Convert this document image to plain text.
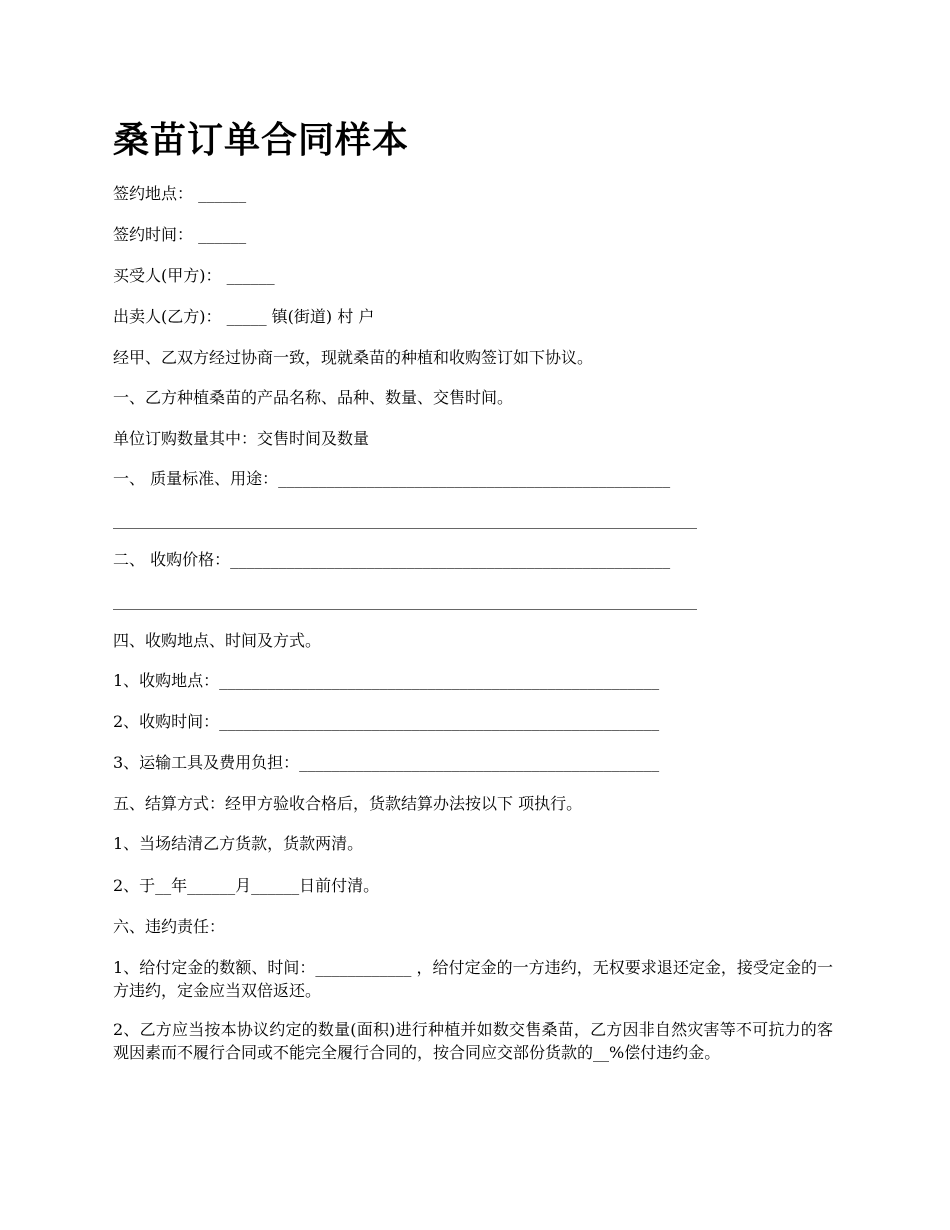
桑苗订单合同样本
签约地点： ______
签约时间： ______
买受人(甲方)： ______
出卖人(乙方)： _____ 镇(街道) 村 户
经甲、乙双方经过协商一致，现就桑苗的种植和收购签订如下协议。
一、乙方种植桑苗的产品名称、品种、数量、交售时间。
单位订购数量其中：交售时间及数量
一、 质量标准、用途：_________________________________________________
_________________________________________________________________________
二、 收购价格：_______________________________________________________
_________________________________________________________________________
四、收购地点、时间及方式。
1、收购地点：_______________________________________________________
2、收购时间：_______________________________________________________
3、运输工具及费用负担：_____________________________________________
五、结算方式：经甲方验收合格后，货款结算办法按以下 项执行。
1、当场结清乙方货款，货款两清。
2、于__年______月______日前付清。
六、违约责任：
1、给付定金的数额、时间：____________ ，给付定金的一方违约，无权要求退还定金，接受定金的一方违约，定金应当双倍返还。
2、乙方应当按本协议约定的数量(面积)进行种植并如数交售桑苗，乙方因非自然灾害等不可抗力的客观因素而不履行合同或不能完全履行合同的，按合同应交部份货款的__%偿付违约金。
